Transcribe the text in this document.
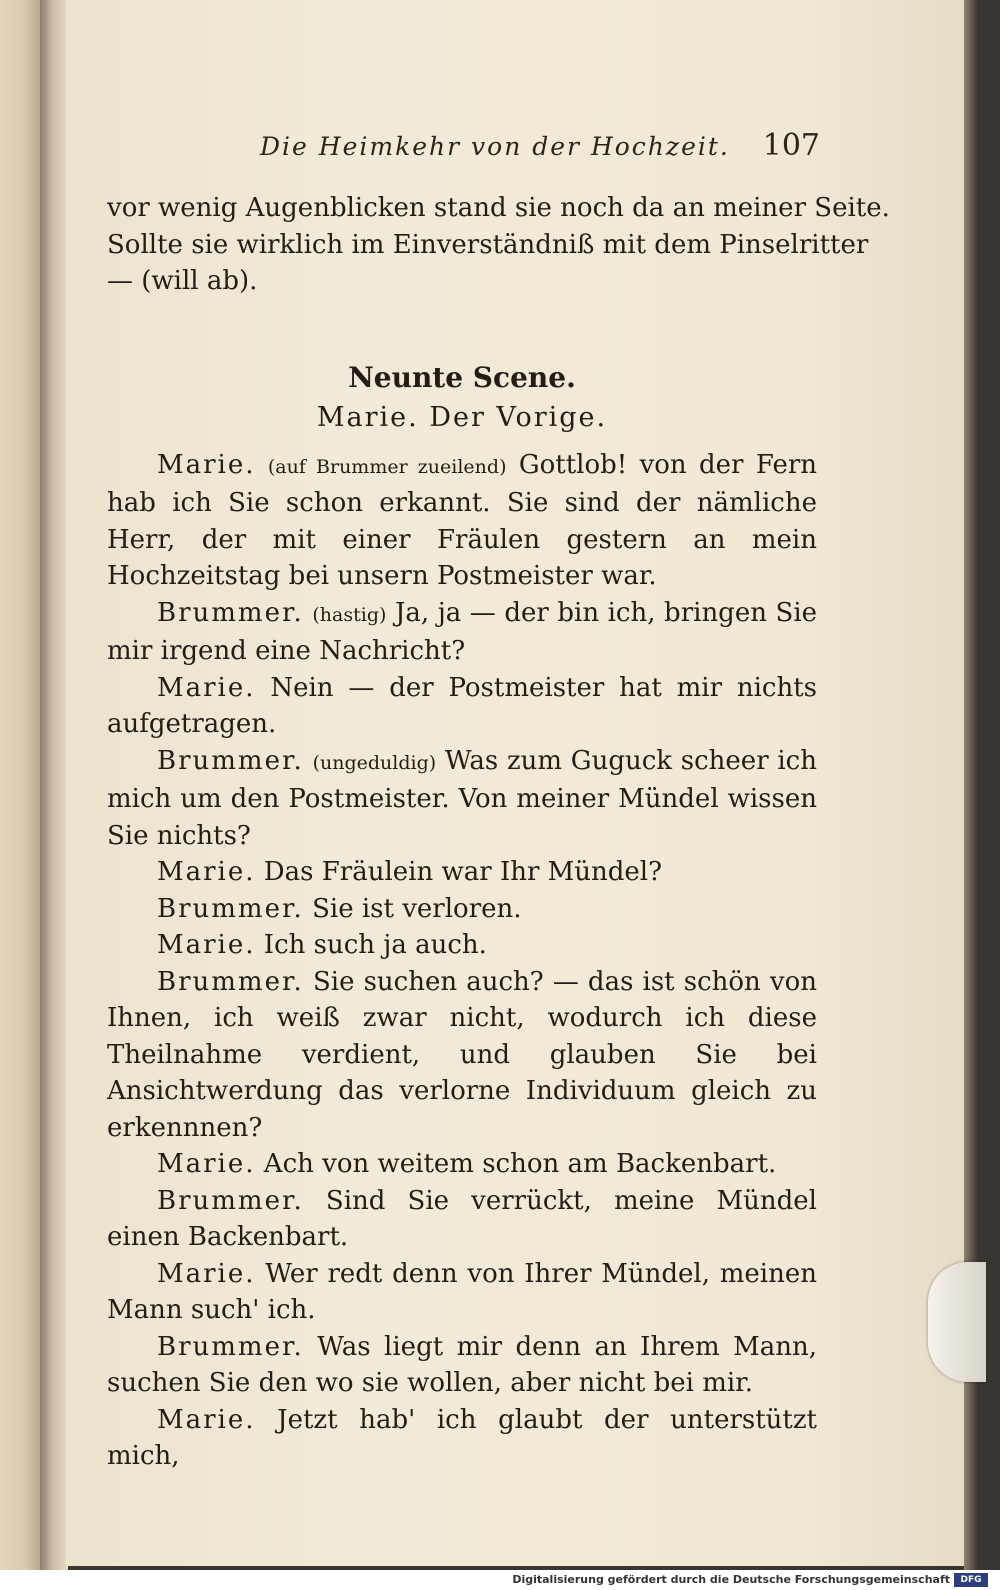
Die Heimkehr von der Hochzeit. 107
vor wenig Augenblicken stand sie noch da an meiner Seite.
Sollte sie wirklich im Einverständniß mit dem Pinselritter
— (will ab).
Neunte Scene.
Marie. Der Vorige.

Marie. (auf Brummer zueilend) Gottlob! von der Fern hab ich Sie schon erkannt. Sie sind der nämliche Herr, der mit einer Fräulen gestern an mein Hochzeitstag bei unsern Postmeister war.

Brummer. (hastig) Ja, ja — der bin ich, bringen Sie mir irgend eine Nachricht?

Marie. Nein — der Postmeister hat mir nichts aufgetragen.

Brummer. (ungeduldig) Was zum Guguck scheer ich mich um den Postmeister. Von meiner Mündel wissen Sie nichts?

Marie. Das Fräulein war Ihr Mündel?

Brummer. Sie ist verloren.

Marie. Ich such ja auch.

Brummer. Sie suchen auch? — das ist schön von Ihnen, ich weiß zwar nicht, wodurch ich diese Theilnahme verdient, und glauben Sie bei Ansichtwerdung das verlorne Individuum gleich zu erkennnen?

Marie. Ach von weitem schon am Backenbart.

Brummer. Sind Sie verrückt, meine Mündel einen Backenbart.

Marie. Wer redt denn von Ihrer Mündel, meinen Mann such' ich.

Brummer. Was liegt mir denn an Ihrem Mann, suchen Sie den wo sie wollen, aber nicht bei mir.

Marie. Jetzt hab' ich glaubt der unterstützt mich,

Digitalisierung gefördert durch die Deutsche Forschungsgemeinschaft	DFG
